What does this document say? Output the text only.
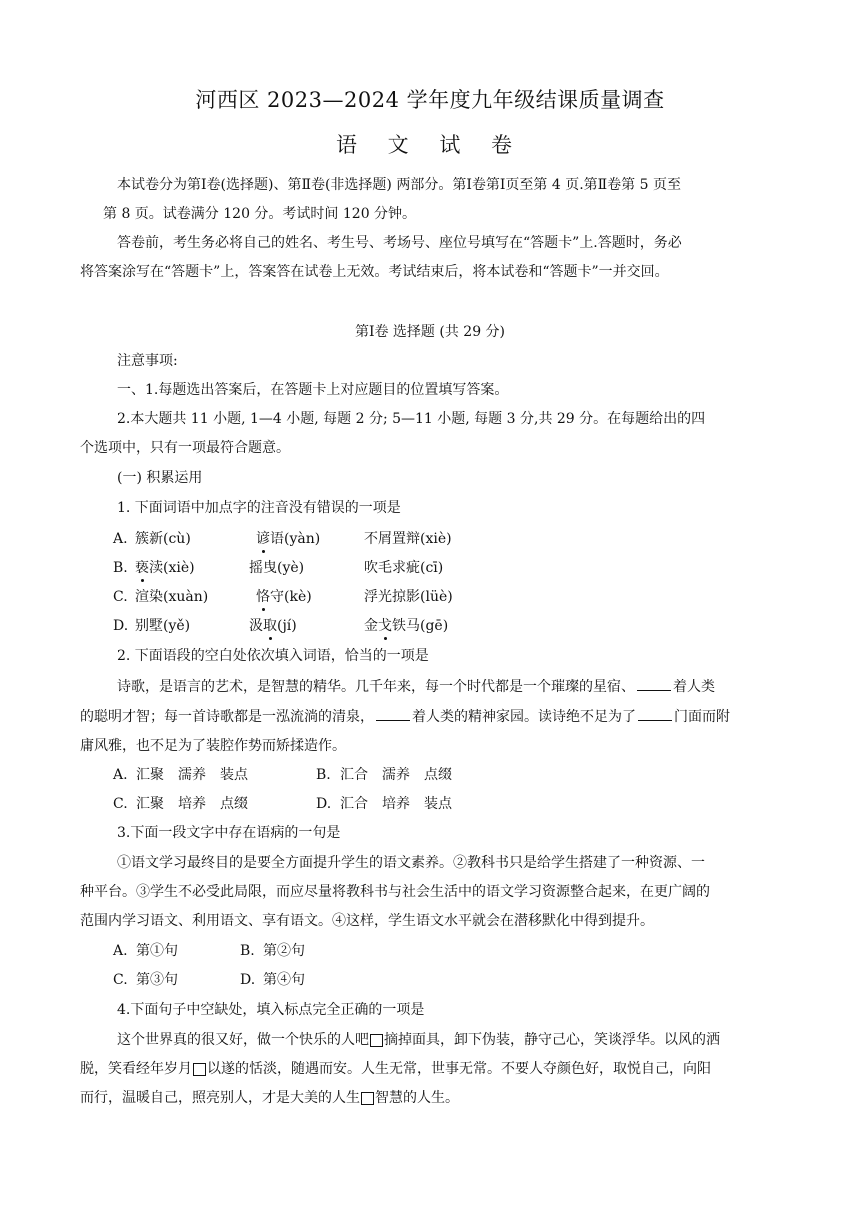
河西区 2023—2024 学年度九年级结课质量调查
语 文 试 卷
本试卷分为第Ⅰ卷(选择题)、第Ⅱ卷(非选择题) 两部分。第Ⅰ卷第Ⅰ页至第 4 页.第Ⅱ卷第 5 页至
第 8 页。试卷满分 120 分。考试时间 120 分钟。
答卷前，考生务必将自己的姓名、考生号、考场号、座位号填写在“答题卡”上.答题时，务必
将答案涂写在“答题卡”上，答案答在试卷上无效。考试结束后，将本试卷和“答题卡”一并交回。
第Ⅰ卷 选择题 (共 29 分)
注意事项:
一、1.每题选出答案后，在答题卡上对应题目的位置填写答案。
2.本大题共 11 小题, 1—4 小题, 每题 2 分; 5—11 小题, 每题 3 分,共 29 分。在每题给出的四
个选项中，只有一项最符合题意。
(一) 积累运用
1. 下面词语中加点字的注音没有错误的一项是
A. 簇新(cù)	谚语(yàn)	不屑置辩(xiè)
B. 亵渎(xiè)	摇曳(yè)	吹毛求疵(cī)
C. 渲染(xuàn)	恪守(kè)	浮光掠影(lüè)
D. 别墅(yě)	汲取(jí)	金戈铁马(gē)
2. 下面语段的空白处依次填入词语，恰当的一项是
诗歌，是语言的艺术，是智慧的精华。几千年来，每一个时代都是一个璀璨的星宿、	着人类
的聪明才智；每一首诗歌都是一泓流淌的清泉，	着人类的精神家园。读诗绝不足为了	门面而附
庸风雅，也不足为了装腔作势而矫揉造作。
A. 汇聚　濡养　装点	B. 汇合　濡养　点缀
C. 汇聚　培养　点缀	D. 汇合　培养　装点
3.下面一段文字中存在语病的一句是
①语文学习最终目的是要全方面提升学生的语文素养。②教科书只是给学生搭建了一种资源、一
种平台。③学生不必受此局限，而应尽量将教科书与社会生活中的语文学习资源整合起来，在更广阔的
范围内学习语文、利用语文、享有语文。④这样，学生语文水平就会在潜移默化中得到提升。
A. 第①句	B. 第②句
C. 第③句	D. 第④句
4.下面句子中空缺处，填入标点完全正确的一项是
这个世界真的很又好，做一个快乐的人吧 摘掉面具，卸下伪装，静守己心，笑谈浮华。以风的洒
脱，笑看经年岁月 以遂的恬淡，随遇而安。人生无常，世事无常。不要人夺颜色好，取悦自己，向阳
而行，温暖自己，照亮别人，才是大美的人生 智慧的人生。
